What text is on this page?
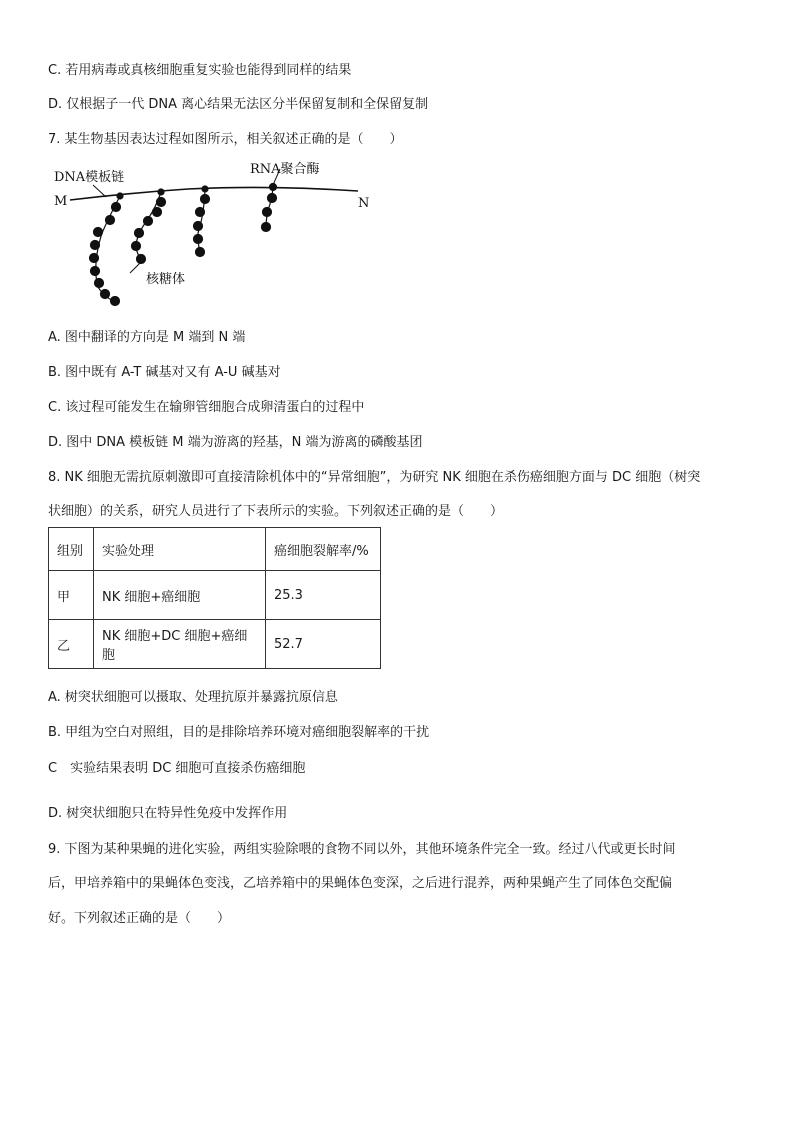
C. 若用病毒或真核细胞重复实验也能得到同样的结果
D. 仅根据子一代 DNA 离心结果无法区分半保留复制和全保留复制
7. 某生物基因表达过程如图所示，相关叙述正确的是（　　）
DNA模板链
RNA聚合酶
M	N
核糖体
A. 图中翻译的方向是 M 端到 N 端
B. 图中既有 A-T 碱基对又有 A-U 碱基对
C. 该过程可能发生在输卵管细胞合成卵清蛋白的过程中
D. 图中 DNA 模板链 M 端为游离的羟基，N 端为游离的磷酸基团
8. NK 细胞无需抗原刺激即可直接清除机体中的“异常细胞”，为研究 NK 细胞在杀伤癌细胞方面与 DC 细胞（树突
状细胞）的关系，研究人员进行了下表所示的实验。下列叙述正确的是（　　）
组别	实验处理	癌细胞裂解率/%
甲	NK 细胞+癌细胞	25.3
乙	NK 细胞+DC 细胞+癌细胞	52.7
A. 树突状细胞可以摄取、处理抗原并暴露抗原信息
B. 甲组为空白对照组，目的是排除培养环境对癌细胞裂解率的干扰
C　实验结果表明 DC 细胞可直接杀伤癌细胞
D. 树突状细胞只在特异性免疫中发挥作用
9. 下图为某种果蝇的进化实验，两组实验除喂的食物不同以外，其他环境条件完全一致。经过八代或更长时间
后，甲培养箱中的果蝇体色变浅，乙培养箱中的果蝇体色变深，之后进行混养，两种果蝇产生了同体色交配偏
好。下列叙述正确的是（　　）
